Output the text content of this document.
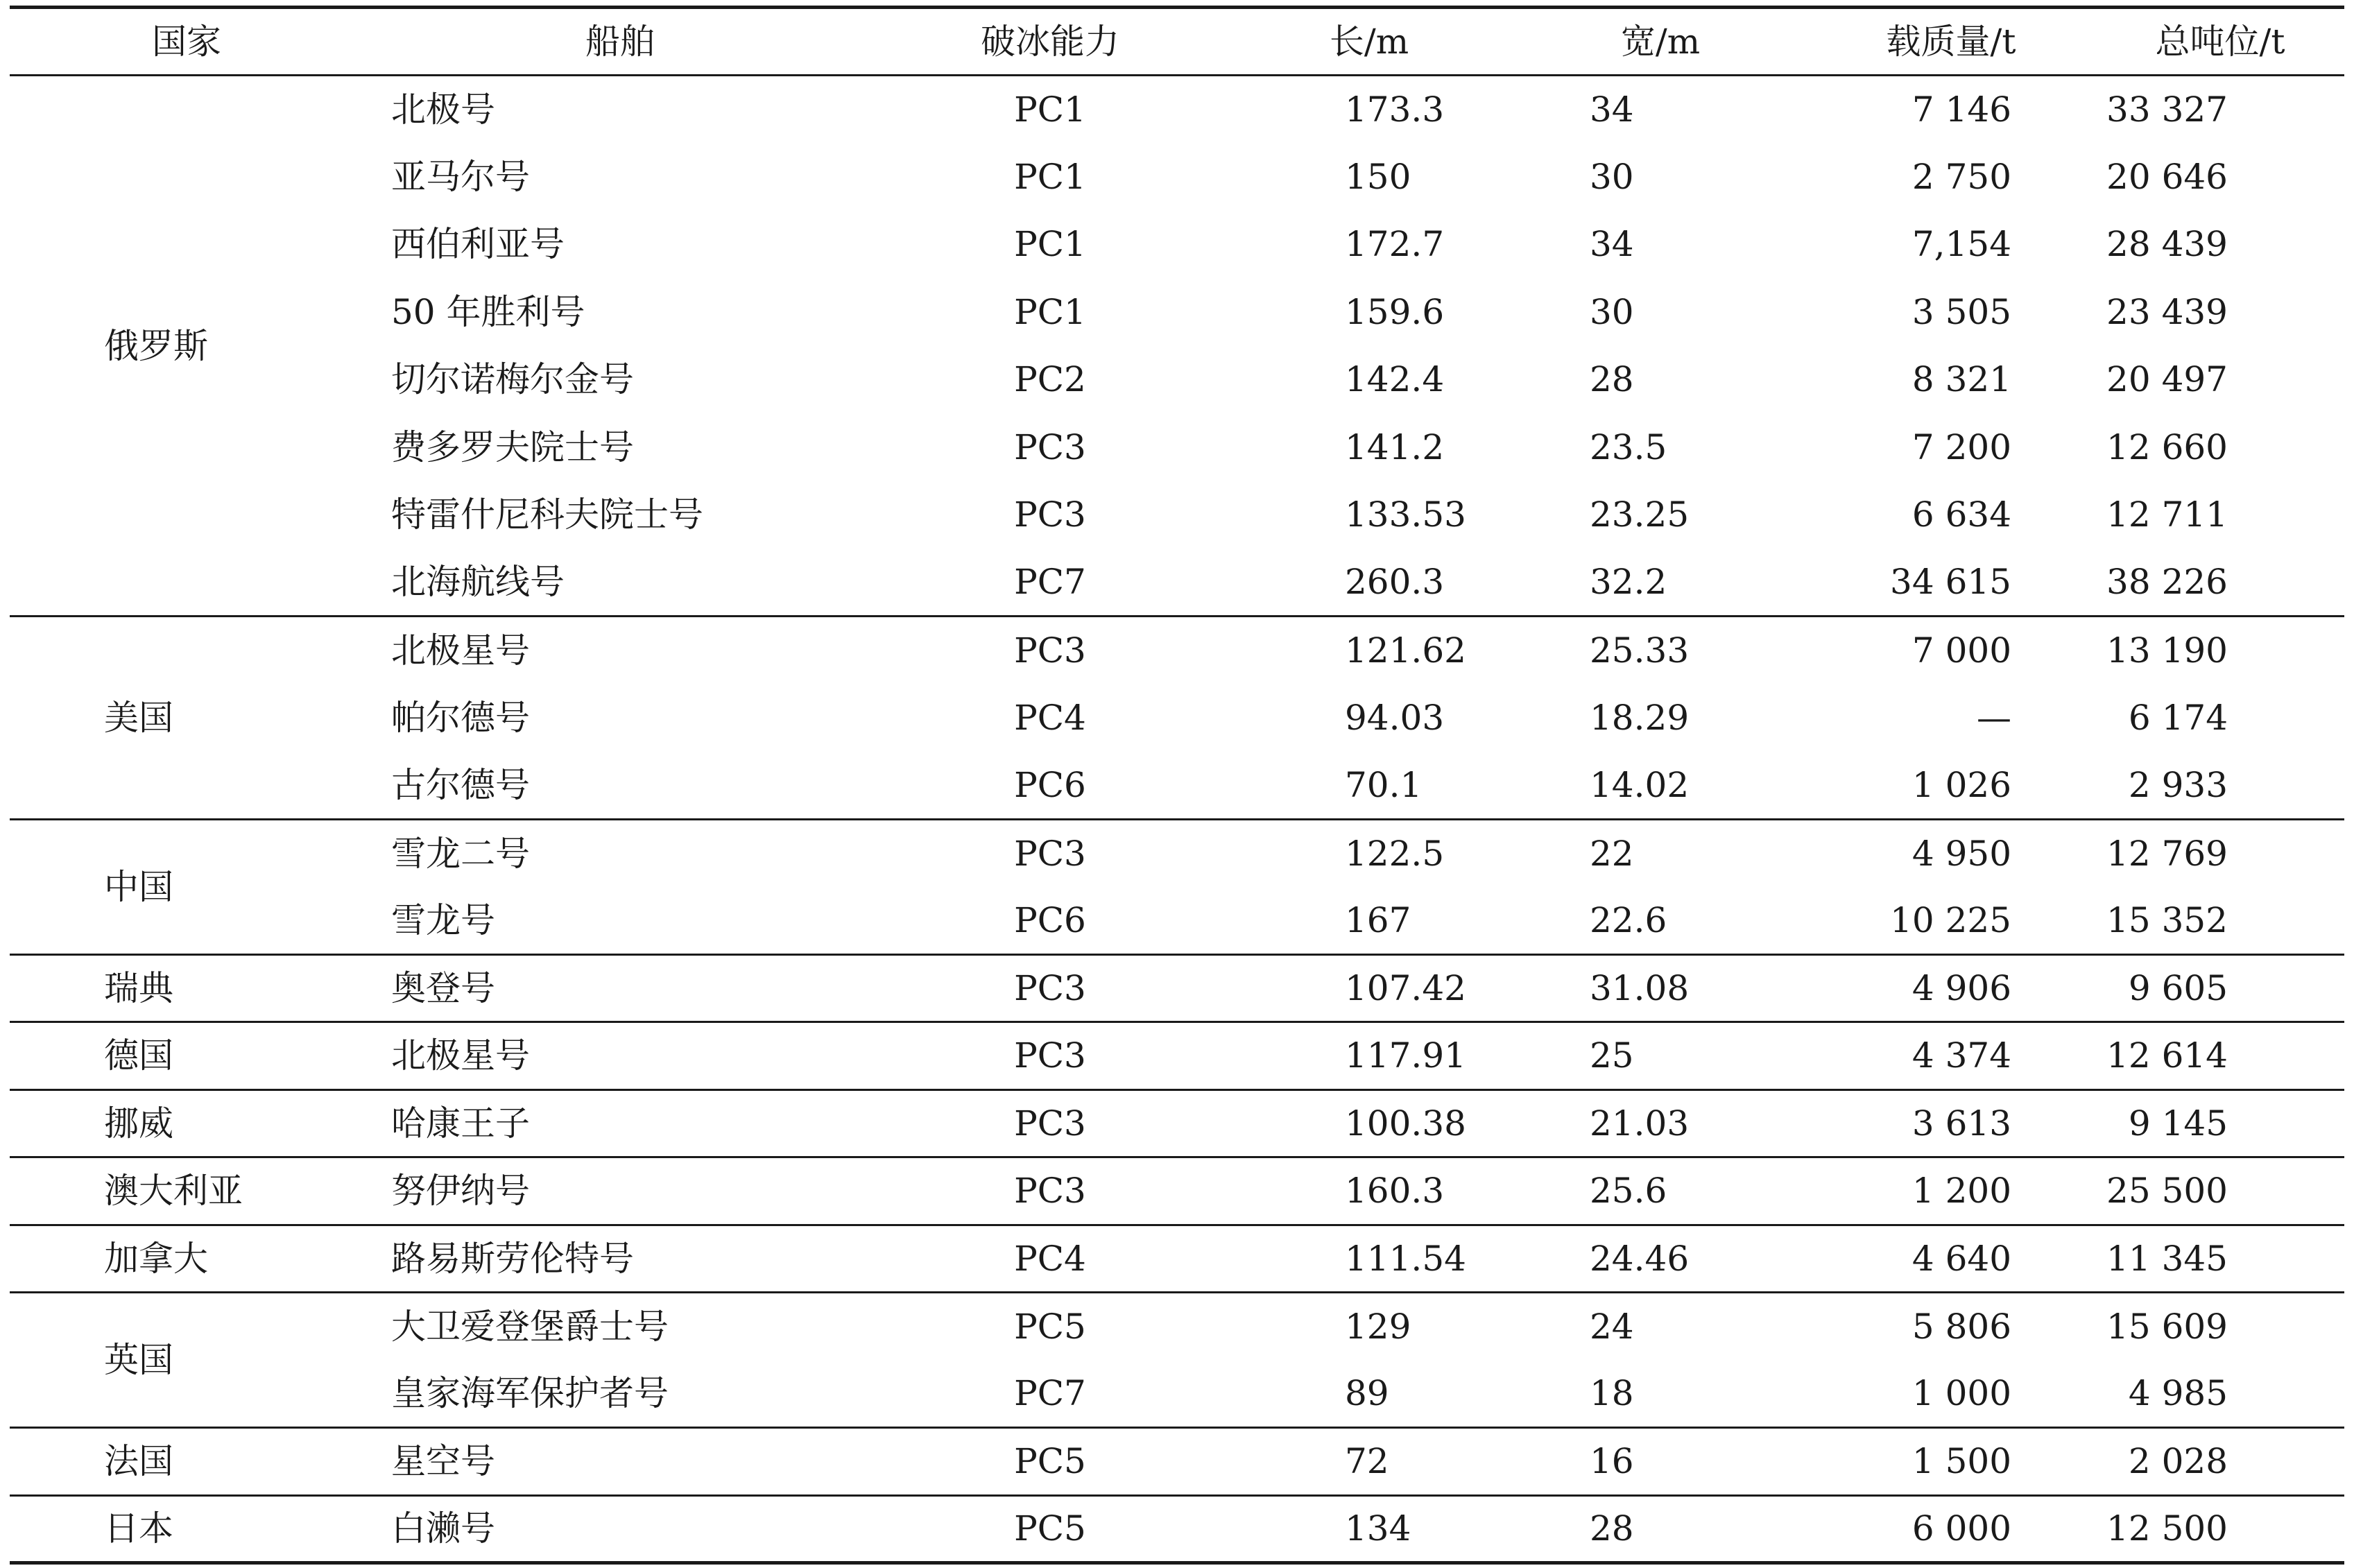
国家	船舶	破冰能力	长/m	宽/m	载质量/t	总吨位/t
俄罗斯	北极号	PC1	173.3	34	7 146	33 327
	亚马尔号	PC1	150	30	2 750	20 646
	西伯利亚号	PC1	172.7	34	7,154	28 439
	50 年胜利号	PC1	159.6	30	3 505	23 439
	切尔诺梅尔金号	PC2	142.4	28	8 321	20 497
	费多罗夫院士号	PC3	141.2	23.5	7 200	12 660
	特雷什尼科夫院士号	PC3	133.53	23.25	6 634	12 711
	北海航线号	PC7	260.3	32.2	34 615	38 226
美国	北极星号	PC3	121.62	25.33	7 000	13 190
	帕尔德号	PC4	94.03	18.29	—	6 174
	古尔德号	PC6	70.1	14.02	1 026	2 933
中国	雪龙二号	PC3	122.5	22	4 950	12 769
	雪龙号	PC6	167	22.6	10 225	15 352
瑞典	奥登号	PC3	107.42	31.08	4 906	9 605
德国	北极星号	PC3	117.91	25	4 374	12 614
挪威	哈康王子	PC3	100.38	21.03	3 613	9 145
澳大利亚	努伊纳号	PC3	160.3	25.6	1 200	25 500
加拿大	路易斯劳伦特号	PC4	111.54	24.46	4 640	11 345
英国	大卫爱登堡爵士号	PC5	129	24	5 806	15 609
	皇家海军保护者号	PC7	89	18	1 000	4 985
法国	星空号	PC5	72	16	1 500	2 028
日本	白濑号	PC5	134	28	6 000	12 500
